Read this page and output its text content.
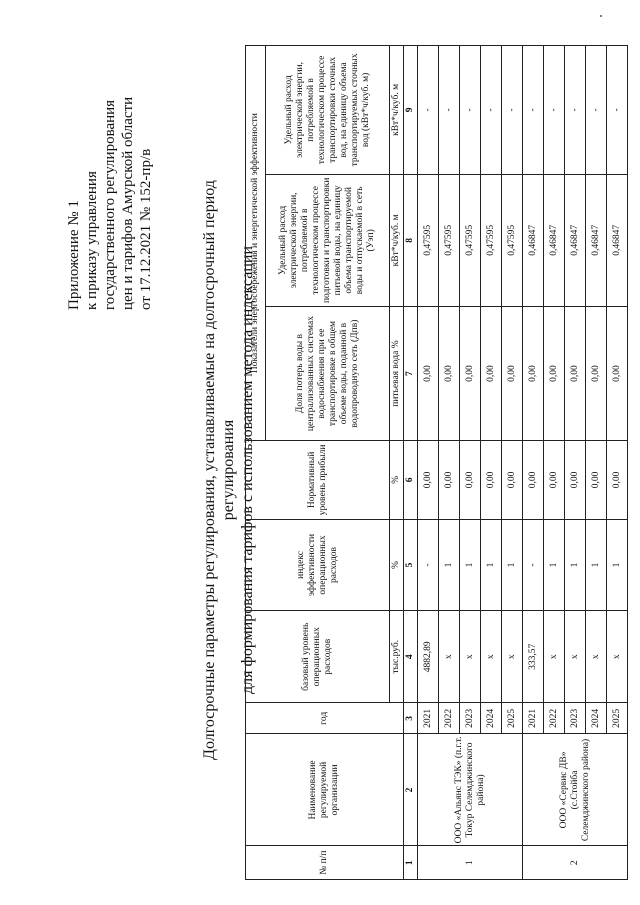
Приложение № 1 к приказу управления государственного регулирования цен и тарифов Амурской области от 17.12.2021 № 152-пр/в	Долгосрочные параметры регулирования, устанавливаемые на долгосрочный период регулирования для формирования тарифов с использованием метода индексации
№ п/п	Наименование регулируемой организации	год	базовый уровень операционных расходов	индекс эффективности операционных расходов	Нормативный уровень прибыли	Показатели энергосбережения и энергетической эффективности		
						Доля потерь воды в централизованных системах водоснабжения при ее транспортировке в общем объеме воды, поданной в водопроводную сеть (Дпв)	Удельный расход электрической энергии, потребляемой в технологическом процессе подготовки и транспортировки питьевой воды, на единицу объема транспортируемой воды и отпускаемой в сеть (Уэп)	Удельный расход электрической энергии, потребляемой в технологическом процессе транспортировки сточных вод, на единицу объема транспортируемых сточных вод (кВт*ч/куб. м)
			тыс.руб.	%	%	питьевая вода %	кВт*ч/куб. м	кВт*ч/куб. м
1	2	3	4	5	6	7	8	9
1	ООО «Альянс ТЭК» (п.г.т. Токур Селемджинского района)	2021	4882,89	-	0,00	0,00	0,47595	-
		2022	x	1	0,00	0,00	0,47595	-
		2023	x	1	0,00	0,00	0,47595	-
		2024	x	1	0,00	0,00	0,47595	-
		2025	x	1	0,00	0,00	0,47595	-
2	ООО «Сервис ДВ» (с.Стойба Селемджинского района)	2021	333,57	-	0,00	0,00	0,46847	-
		2022	x	1	0,00	0,00	0,46847	-
		2023	x	1	0,00	0,00	0,46847	-
		2024	x	1	0,00	0,00	0,46847	-
		2025	x	1	0,00	0,00	0,46847	-
